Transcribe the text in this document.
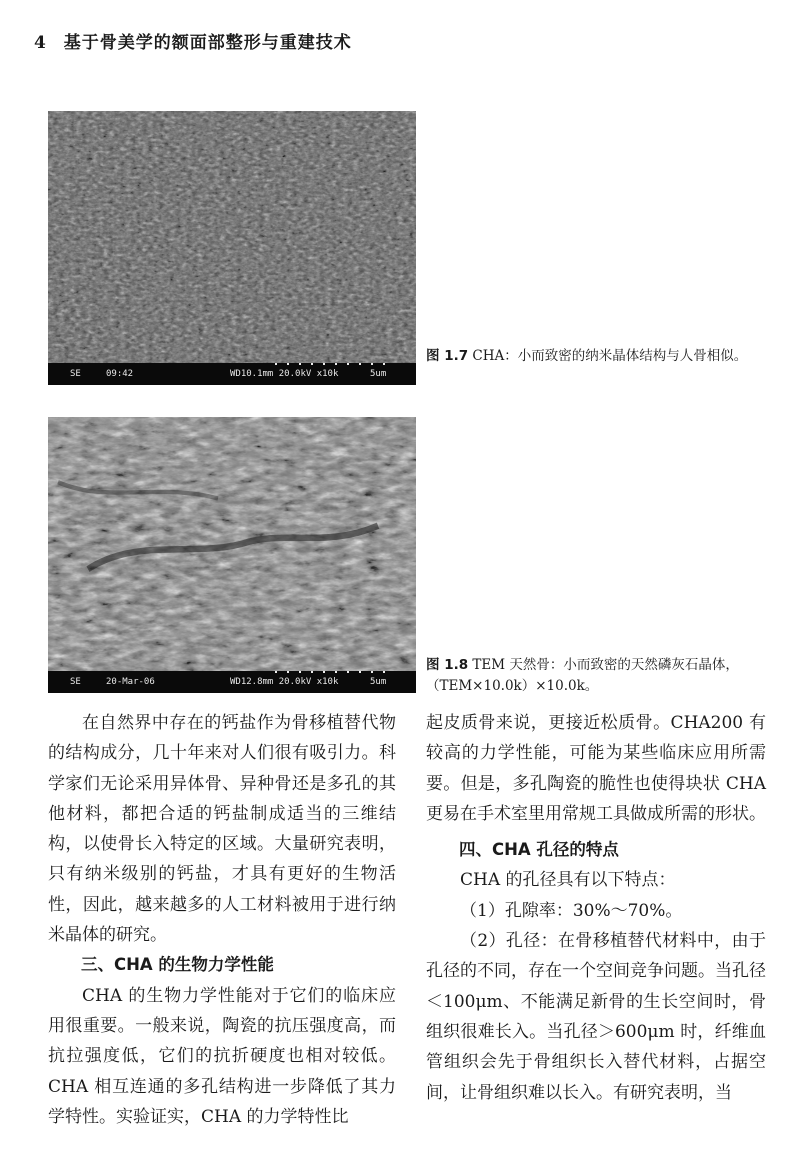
4 基于骨美学的额面部整形与重建技术
SE	09:42	WD10.1mm 20.0kV x10k	5um
图 1.7 CHA：小而致密的纳米晶体结构与人骨相似。
SE	20-Mar-06	WD12.8mm 20.0kV x10k	5um
图 1.8 TEM 天然骨：小而致密的天然磷灰石晶体，（TEM×10.0k）×10.0k。

在自然界中存在的钙盐作为骨移植替代物的结构成分，几十年来对人们很有吸引力。科学家们无论采用异体骨、异种骨还是多孔的其他材料，都把合适的钙盐制成适当的三维结构，以使骨长入特定的区域。大量研究表明，只有纳米级别的钙盐，才具有更好的生物活性，因此，越来越多的人工材料被用于进行纳米晶体的研究。

三、CHA 的生物力学性能

CHA 的生物力学性能对于它们的临床应用很重要。一般来说，陶瓷的抗压强度高，而抗拉强度低，它们的抗折硬度也相对较低。CHA 相互连通的多孔结构进一步降低了其力学特性。实验证实，CHA 的力学特性比

起皮质骨来说，更接近松质骨。CHA200 有较高的力学性能，可能为某些临床应用所需要。但是，多孔陶瓷的脆性也使得块状 CHA 更易在手术室里用常规工具做成所需的形状。

四、CHA 孔径的特点

CHA 的孔径具有以下特点：

（1）孔隙率：30%～70%。

（2）孔径：在骨移植替代材料中，由于孔径的不同，存在一个空间竞争问题。当孔径＜100μm、不能满足新骨的生长空间时，骨组织很难长入。当孔径＞600μm 时，纤维血管组织会先于骨组织长入替代材料，占据空间，让骨组织难以长入。有研究表明，当
